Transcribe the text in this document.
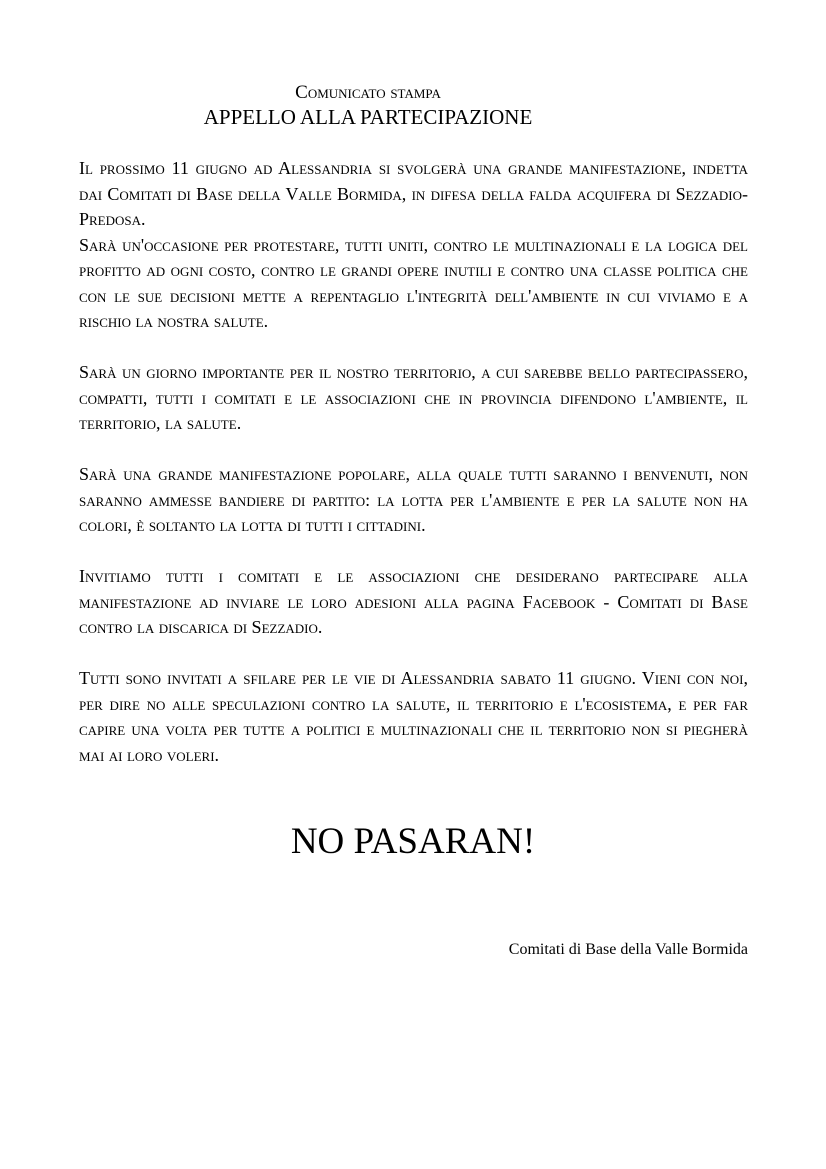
Comunicato stampa
APPELLO ALLA PARTECIPAZIONE

Il prossimo 11 giugno ad Alessandria si svolgerà una grande manifestazione, indetta dai Comitati di Base della Valle Bormida, in difesa della falda acquifera di Sezzadio-Predosa.

Sarà un'occasione per protestare, tutti uniti, contro le multinazionali e la logica del profitto ad ogni costo, contro le grandi opere inutili e contro una classe politica che con le sue decisioni mette a repentaglio l'integrità dell'ambiente in cui viviamo e a rischio la nostra salute.

Sarà un giorno importante per il nostro territorio, a cui sarebbe bello partecipassero, compatti, tutti i comitati e le associazioni che in provincia difendono l'ambiente, il territorio, la salute.

Sarà una grande manifestazione popolare, alla quale tutti saranno i benvenuti, non saranno ammesse bandiere di partito: la lotta per l'ambiente e per la salute non ha colori, è soltanto la lotta di tutti i cittadini.

Invitiamo tutti i comitati e le associazioni che desiderano partecipare alla manifestazione ad inviare le loro adesioni alla pagina Facebook - Comitati di Base contro la discarica di Sezzadio.

Tutti sono invitati a sfilare per le vie di Alessandria sabato 11 giugno. Vieni con noi, per dire no alle speculazioni contro la salute, il territorio e l'ecosistema, e per far capire una volta per tutte a politici e multinazionali che il territorio non si piegherà mai ai loro voleri.

NO PASARAN!
Comitati di Base della Valle Bormida
